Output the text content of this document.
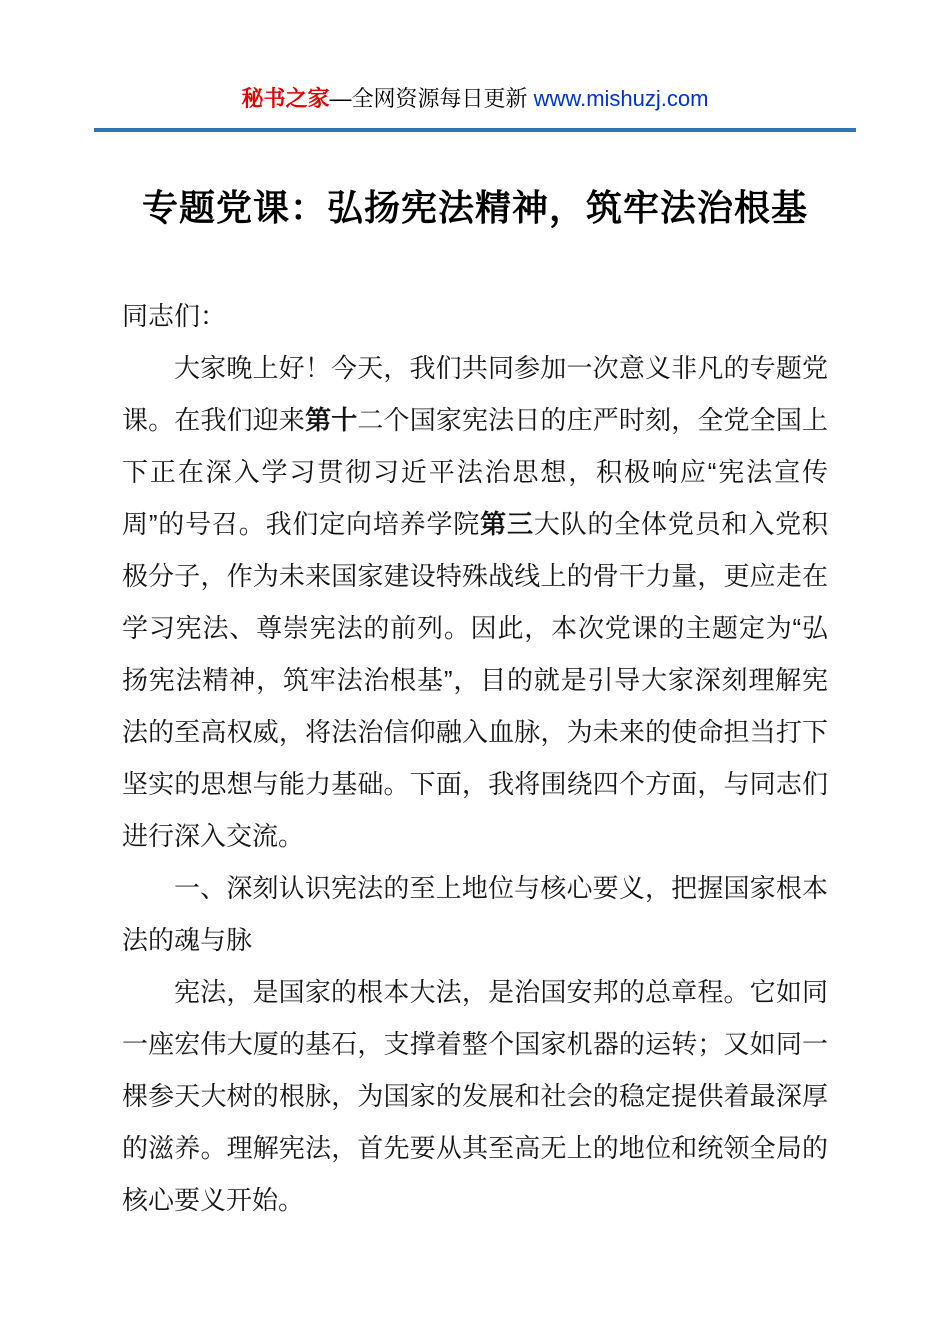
秘书之家—全网资源每日更新 www.mishuzj.com
专题党课：弘扬宪法精神，筑牢法治根基

同志们：

大家晚上好！今天，我们共同参加一次意义非凡的专题党课。在我们迎来第十二个国家宪法日的庄严时刻，全党全国上下正在深入学习贯彻习近平法治思想，积极响应“宪法宣传周”的号召。我们定向培养学院第三大队的全体党员和入党积极分子，作为未来国家建设特殊战线上的骨干力量，更应走在学习宪法、尊崇宪法的前列。因此，本次党课的主题定为“弘扬宪法精神，筑牢法治根基”，目的就是引导大家深刻理解宪法的至高权威，将法治信仰融入血脉，为未来的使命担当打下坚实的思想与能力基础。下面，我将围绕四个方面，与同志们进行深入交流。

一、深刻认识宪法的至上地位与核心要义，把握国家根本法的魂与脉

宪法，是国家的根本大法，是治国安邦的总章程。它如同一座宏伟大厦的基石，支撑着整个国家机器的运转；又如同一棵参天大树的根脉，为国家的发展和社会的稳定提供着最深厚的滋养。理解宪法，首先要从其至高无上的地位和统领全局的核心要义开始。
